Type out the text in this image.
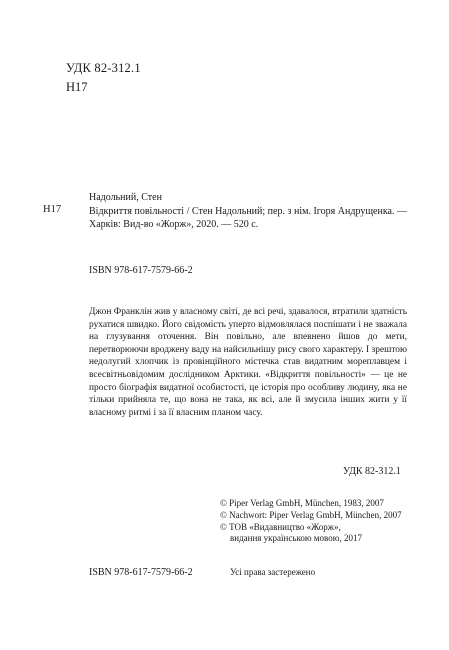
УДК 82-312.1
Н17
Н17
Надольний, Стен
Відкриття повільності / Стен Надольний; пер. з нім. Ігоря Андрущенка. — Харків: Вид-во «Жорж», 2020. — 520 с.
ISBN 978-617-7579-66-2
Джон Франклін жив у власному світі, де всі речі, здавалося, втратили здатність рухатися швидко. Його свідомість уперто відмовлялася поспішати і не зважала на глузування оточення. Він повільно, але впевнено йшов до мети, перетворюючи вроджену ваду на найсильнішу рису свого характеру. І зрештою недолугий хлопчик із провінційного містечка став видатним мореплавцем і всесвітньовідомим дослідником Арктики. «Відкриття повільності» — це не просто біографія видатної особистості, це історія про особливу людину, яка не тільки прийняла те, що вона не така, як всі, але й змусила інших жити у її власному ритмі і за її власним планом часу.
УДК 82-312.1
© Piper Verlag GmbH, München, 1983, 2007
© Nachwort: Piper Verlag GmbH, München, 2007
© ТОВ «Видавництво «Жорж»,
видання українською мовою, 2017
ISBN 978-617-7579-66-2	Усі права застережено
